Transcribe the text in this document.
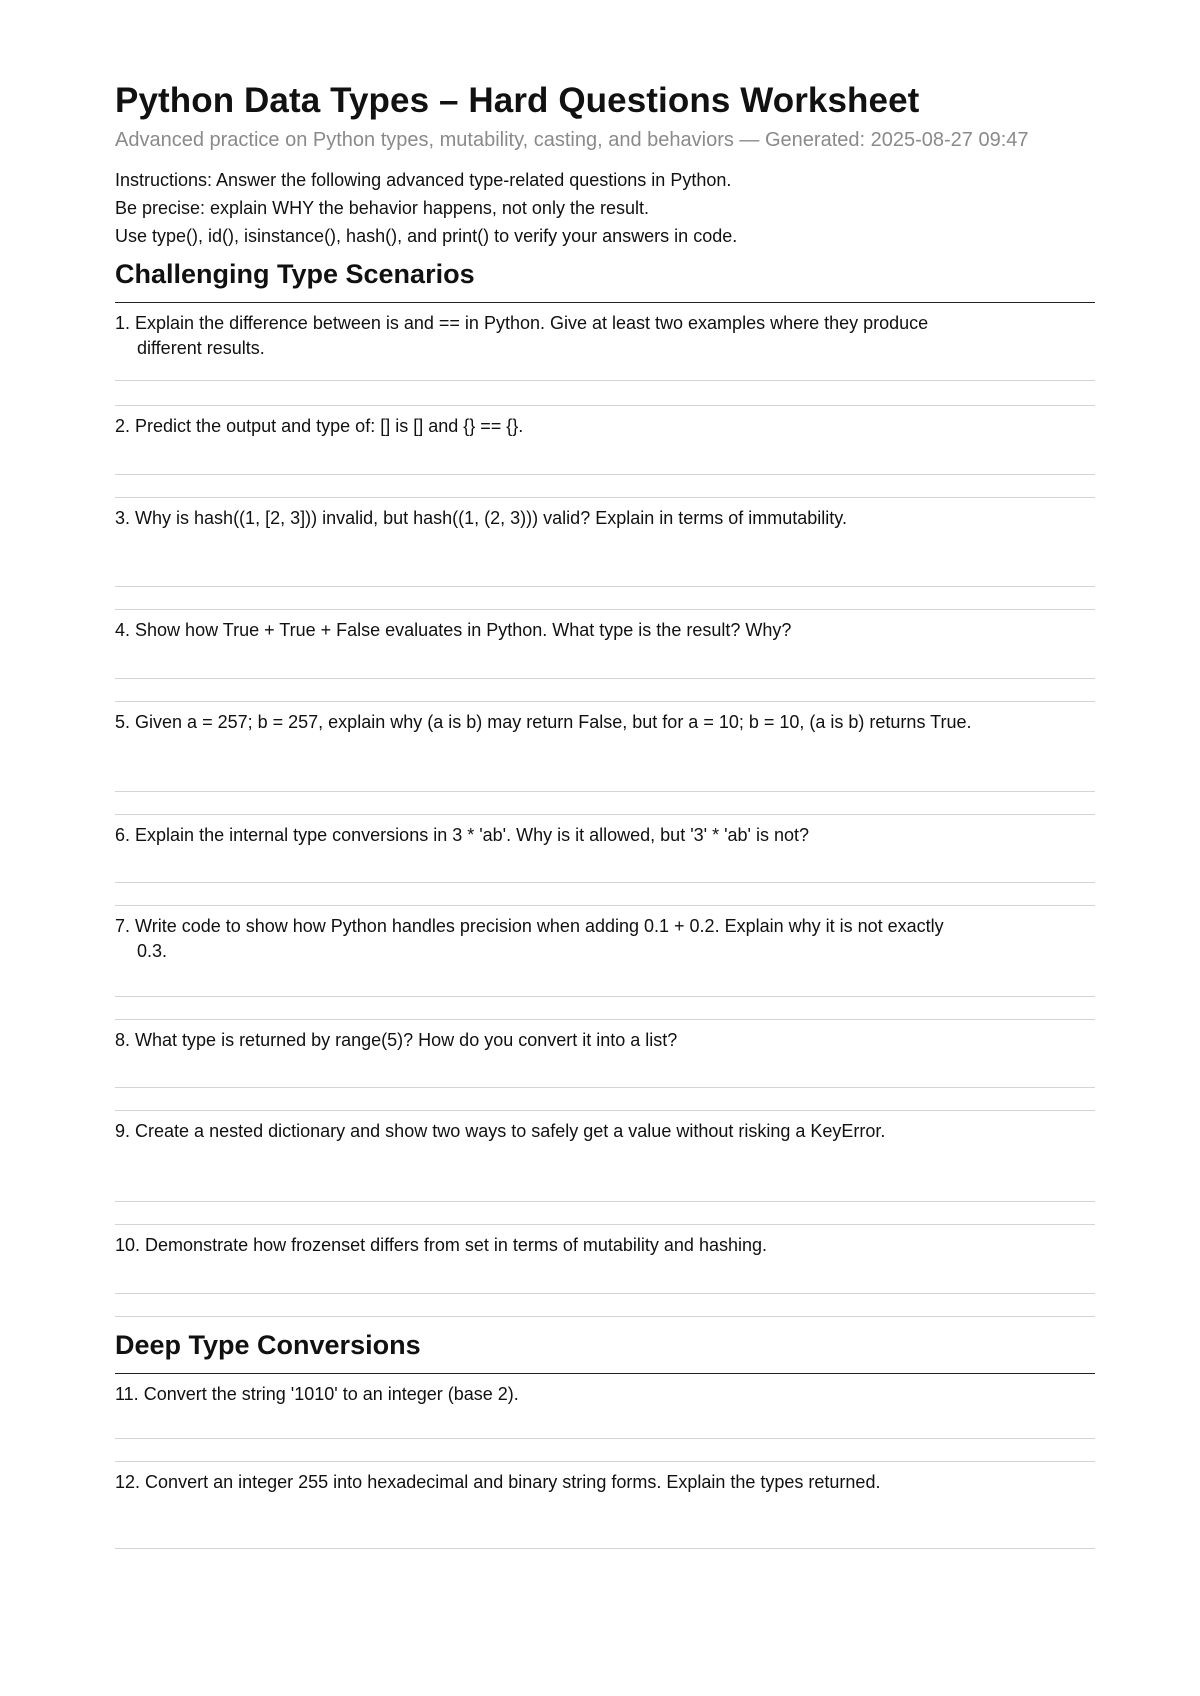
Python Data Types – Hard Questions Worksheet
Advanced practice on Python types, mutability, casting, and behaviors — Generated: 2025-08-27 09:47

Instructions: Answer the following advanced type-related questions in Python.

Be precise: explain WHY the behavior happens, not only the result.

Use type(), id(), isinstance(), hash(), and print() to verify your answers in code.

Challenging Type Scenarios
1. Explain the difference between is and == in Python. Give at least two examples where they produce different results.
2. Predict the output and type of: [] is [] and {} == {}.
3. Why is hash((1, [2, 3])) invalid, but hash((1, (2, 3))) valid? Explain in terms of immutability.
4. Show how True + True + False evaluates in Python. What type is the result? Why?
5. Given a = 257; b = 257, explain why (a is b) may return False, but for a = 10; b = 10, (a is b) returns True.
6. Explain the internal type conversions in 3 * 'ab'. Why is it allowed, but '3' * 'ab' is not?
7. Write code to show how Python handles precision when adding 0.1 + 0.2. Explain why it is not exactly 0.3.
8. What type is returned by range(5)? How do you convert it into a list?
9. Create a nested dictionary and show two ways to safely get a value without risking a KeyError.
10. Demonstrate how frozenset differs from set in terms of mutability and hashing.
Deep Type Conversions
11. Convert the string '1010' to an integer (base 2).
12. Convert an integer 255 into hexadecimal and binary string forms. Explain the types returned.
